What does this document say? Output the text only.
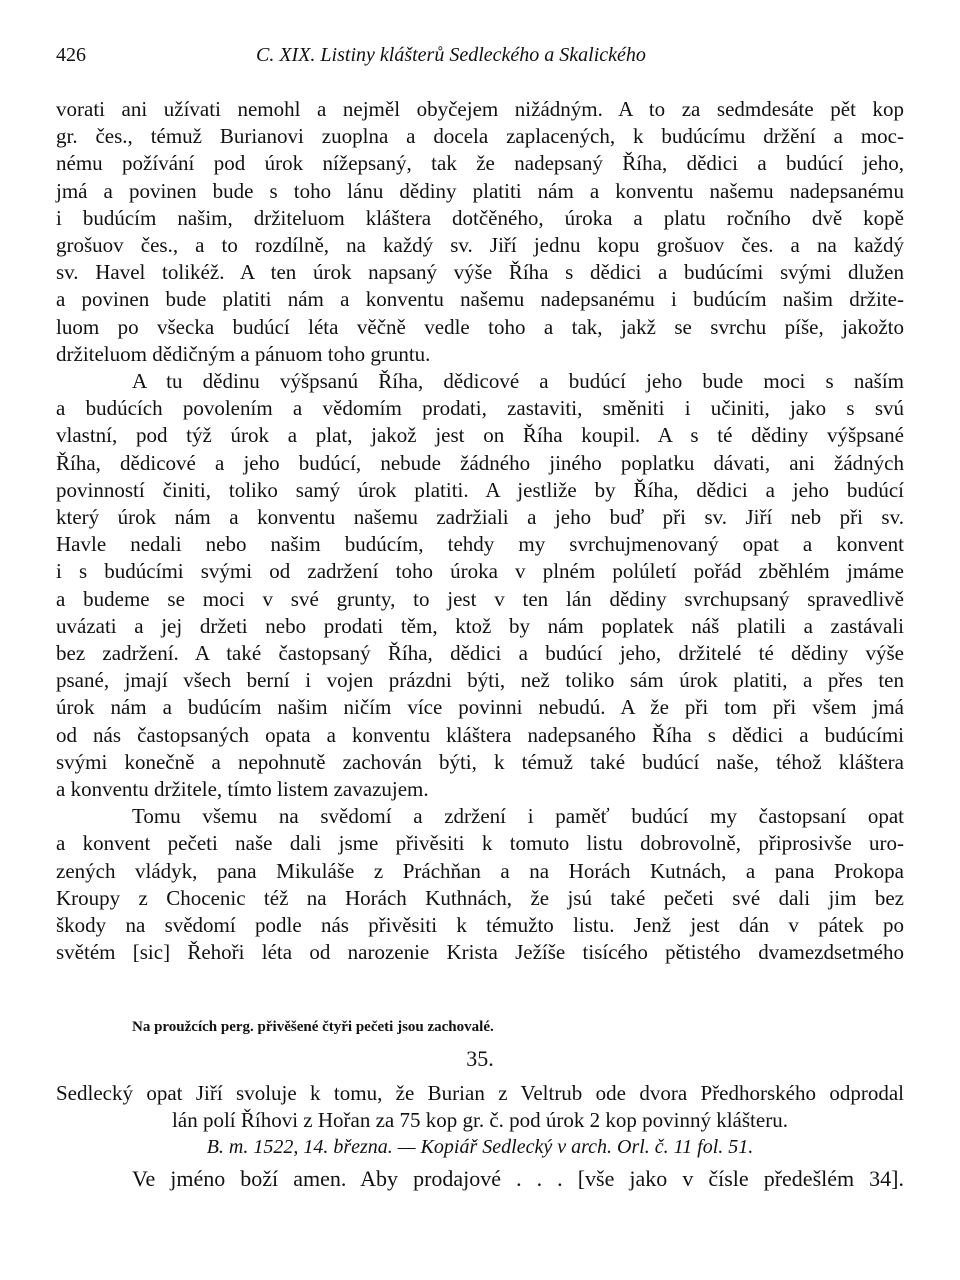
426	C. XIX. Listiny klášterů Sedleckého a Skalického
vorati ani užívati nemohl a nejměl obyčejem nižádným. A to za sedmdesáte pět kop
gr. čes., témuž Burianovi zuoplna a docela zaplacených, k budúcímu držění a moc-
nému požívání pod úrok nížepsaný, tak že nadepsaný Říha, dědici a budúcí jeho,
jmá a povinen bude s toho lánu dědiny platiti nám a konventu našemu nadepsanému
i budúcím našim, držiteluom kláštera dotčěného, úroka a platu ročního dvě kopě
grošuov čes., a to rozdílně, na každý sv. Jiří jednu kopu grošuov čes. a na každý
sv. Havel tolikéž. A ten úrok napsaný výše Říha s dědici a budúcími svými dlužen
a povinen bude platiti nám a konventu našemu nadepsanému i budúcím našim držite-
luom po všecka budúcí léta věčně vedle toho a tak, jakž se svrchu píše, jakožto
držiteluom dědičným a pánuom toho gruntu.
A tu dědinu výšpsanú Říha, dědicové a budúcí jeho bude moci s naším
a budúcích povolením a vědomím prodati, zastaviti, směniti i učiniti, jako s svú
vlastní, pod týž úrok a plat, jakož jest on Říha koupil. A s té dědiny výšpsané
Říha, dědicové a jeho budúcí, nebude žádného jiného poplatku dávati, ani žádných
povinností činiti, toliko samý úrok platiti. A jestliže by Říha, dědici a jeho budúcí
který úrok nám a konventu našemu zadržiali a jeho buď při sv. Jiří neb při sv.
Havle nedali nebo našim budúcím, tehdy my svrchujmenovaný opat a konvent
i s budúcími svými od zadržení toho úroka v plném polúletí pořád zběhlém jmáme
a budeme se moci v své grunty, to jest v ten lán dědiny svrchupsaný spravedlivě
uvázati a jej držeti nebo prodati těm, ktož by nám poplatek náš platili a zastávali
bez zadržení. A také častopsaný Říha, dědici a budúcí jeho, držitelé té dědiny výše
psané, jmají všech berní i vojen prázdni býti, než toliko sám úrok platiti, a přes ten
úrok nám a budúcím našim ničím více povinni nebudú. A že při tom při všem jmá
od nás častopsaných opata a konventu kláštera nadepsaného Říha s dědici a budúcími
svými konečně a nepohnutě zachován býti, k témuž také budúcí naše, téhož kláštera
a konventu držitele, tímto listem zavazujem.
Tomu všemu na svědomí a zdržení i paměť budúcí my častopsaní opat
a konvent pečeti naše dali jsme přivěsiti k tomuto listu dobrovolně, připrosivše uro-
zených vládyk, pana Mikuláše z Práchňan a na Horách Kutnách, a pana Prokopa
Kroupy z Chocenic též na Horách Kuthnách, že jsú také pečeti své dali jim bez
škody na svědomí podle nás přivěsiti k témužto listu. Jenž jest dán v pátek po
světém [sic] Řehoři léta od narozenie Krista Ježíše tisícého pětistého dvamezdsetmého
Na proužcích perg. přivěšené čtyři pečeti jsou zachovalé.
35.
Sedlecký opat Jiří svoluje k tomu, že Burian z Veltrub ode dvora Předhorského odprodal
lán polí Říhovi z Hořan za 75 kop gr. č. pod úrok 2 kop povinný klášteru.
B. m. 1522, 14. března. — Kopiář Sedlecký v arch. Orl. č. 11 fol. 51.
Ve jméno boží amen. Aby prodajové . . . [vše jako v čísle předešlém 34].
